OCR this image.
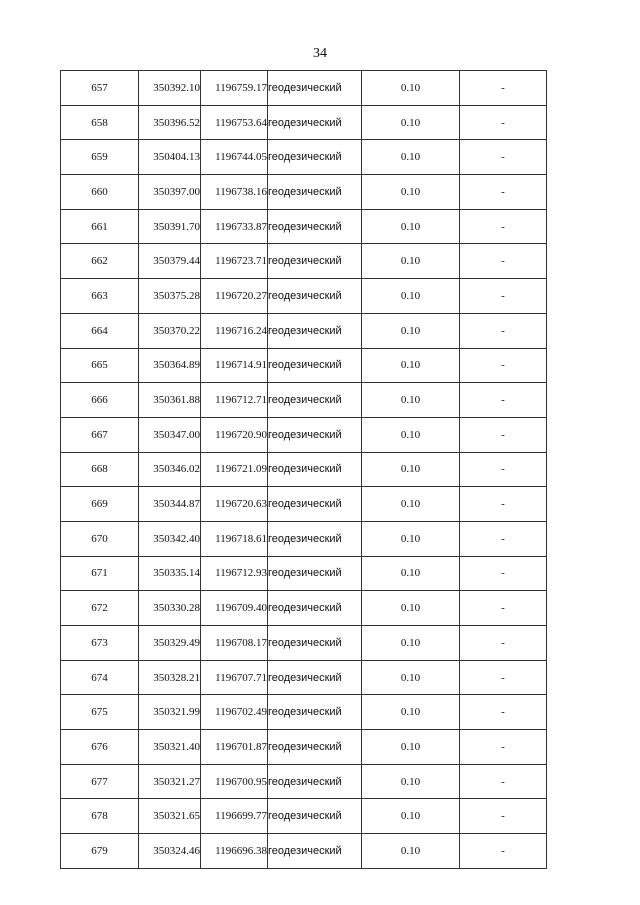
34
657	350392.10	1196759.17	геодезический	0.10	-
658	350396.52	1196753.64	геодезический	0.10	-
659	350404.13	1196744.05	геодезический	0.10	-
660	350397.00	1196738.16	геодезический	0.10	-
661	350391.70	1196733.87	геодезический	0.10	-
662	350379.44	1196723.71	геодезический	0.10	-
663	350375.28	1196720.27	геодезический	0.10	-
664	350370.22	1196716.24	геодезический	0.10	-
665	350364.89	1196714.91	геодезический	0.10	-
666	350361.88	1196712.71	геодезический	0.10	-
667	350347.00	1196720.90	геодезический	0.10	-
668	350346.02	1196721.09	геодезический	0.10	-
669	350344.87	1196720.63	геодезический	0.10	-
670	350342.40	1196718.61	геодезический	0.10	-
671	350335.14	1196712.93	геодезический	0.10	-
672	350330.28	1196709.40	геодезический	0.10	-
673	350329.49	1196708.17	геодезический	0.10	-
674	350328.21	1196707.71	геодезический	0.10	-
675	350321.99	1196702.49	геодезический	0.10	-
676	350321.40	1196701.87	геодезический	0.10	-
677	350321.27	1196700.95	геодезический	0.10	-
678	350321.65	1196699.77	геодезический	0.10	-
679	350324.46	1196696.38	геодезический	0.10	-
